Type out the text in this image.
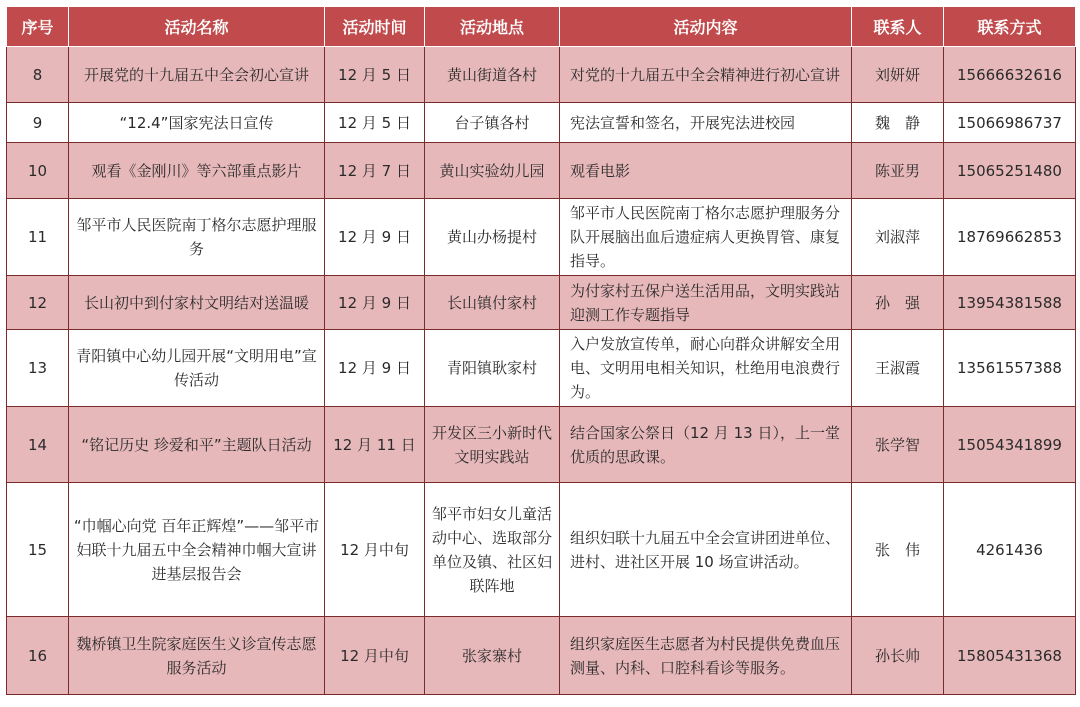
序号	活动名称	活动时间	活动地点	活动内容	联系人	联系方式
8	开展党的十九届五中全会初心宣讲	12 月 5 日	黄山街道各村	对党的十九届五中全会精神进行初心宣讲	刘妍妍	15666632616
9	“12.4”国家宪法日宣传	12 月 5 日	台子镇各村	宪法宣誓和签名，开展宪法进校园	魏　静	15066986737
10	观看《金刚川》等六部重点影片	12 月 7 日	黄山实验幼儿园	观看电影	陈亚男	15065251480
11	邹平市人民医院南丁格尔志愿护理服务	12 月 9 日	黄山办杨提村	邹平市人民医院南丁格尔志愿护理服务分队开展脑出血后遗症病人更换胃管、康复指导。	刘淑萍	18769662853
12	长山初中到付家村文明结对送温暖	12 月 9 日	长山镇付家村	为付家村五保户送生活用品，文明实践站迎测工作专题指导	孙　强	13954381588
13	青阳镇中心幼儿园开展“文明用电”宣传活动	12 月 9 日	青阳镇耿家村	入户发放宣传单，耐心向群众讲解安全用电、文明用电相关知识，杜绝用电浪费行为。	王淑霞	13561557388
14	“铭记历史 珍爱和平”主题队日活动	12 月 11 日	开发区三小新时代文明实践站	结合国家公祭日（12 月 13 日），上一堂优质的思政课。	张学智	15054341899
15	“巾帼心向党 百年正辉煌”——邹平市妇联十九届五中全会精神巾帼大宣讲进基层报告会	12 月中旬	邹平市妇女儿童活动中心、选取部分单位及镇、社区妇联阵地	组织妇联十九届五中全会宣讲团进单位、进村、进社区开展 10 场宣讲活动。	张　伟	4261436
16	魏桥镇卫生院家庭医生义诊宣传志愿服务活动	12 月中旬	张家寨村	组织家庭医生志愿者为村民提供免费血压测量、内科、口腔科看诊等服务。	孙长帅	15805431368
